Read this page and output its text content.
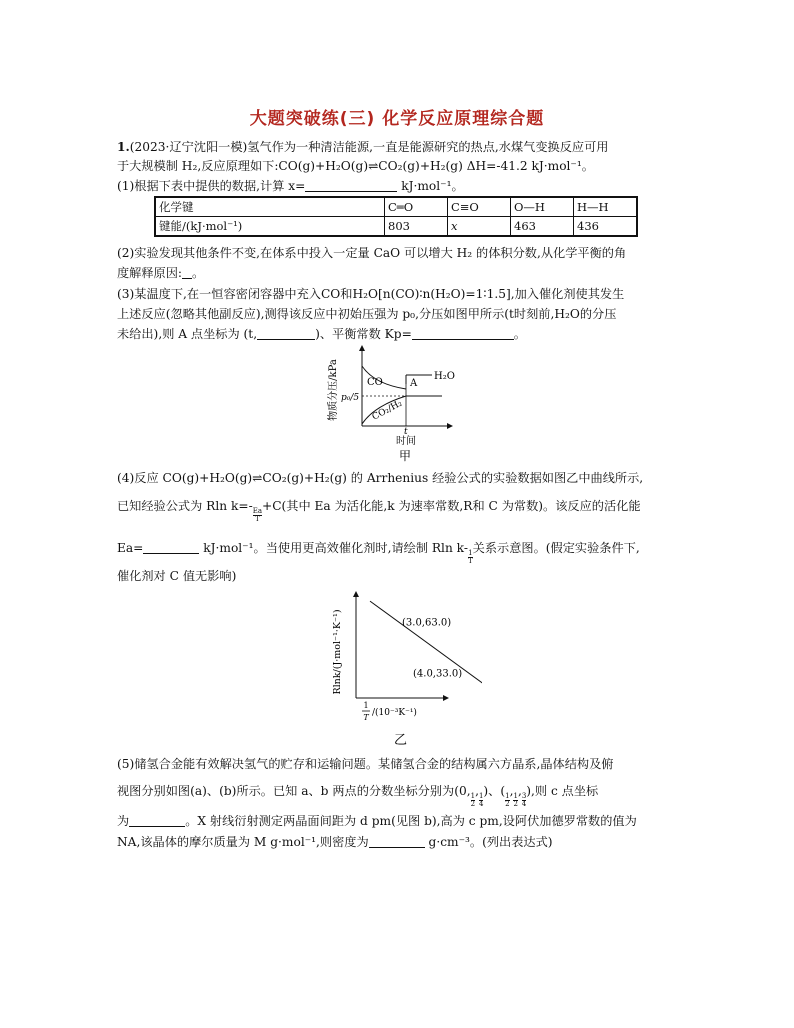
大题突破练(三) 化学反应原理综合题
1.(2023·辽宁沈阳一模)氢气作为一种清洁能源,一直是能源研究的热点,水煤气变换反应可用
于大规模制 H₂,反应原理如下:CO(g)+H₂O(g)⇌CO₂(g)+H₂(g) ΔH=-41.2 kJ·mol⁻¹。
(1)根据下表中提供的数据,计算 x=	kJ·mol⁻¹。
化学键	C═O	C≡O	O—H	H—H
键能/(kJ·mol⁻¹)	803	x	463	436
(2)实验发现其他条件不变,在体系中投入一定量 CaO 可以增大 H₂ 的体积分数,从化学平衡的角
度解释原因: 。
(3)某温度下,在一恒容密闭容器中充入CO和H₂O[n(CO)∶n(H₂O)=1∶1.5],加入催化剂使其发生
上述反应(忽略其他副反应),测得该反应中初始压强为 p₀,分压如图甲所示(t时刻前,H₂O的分压
未给出),则 A 点坐标为 (t,	)、平衡常数 Kp=	。
物质分压/kPa	CO	A
H₂O
p₀/5
CO₂/H₂
t
时间
甲
(4)反应 CO(g)+H₂O(g)⇌CO₂(g)+H₂(g) 的 Arrhenius 经验公式的实验数据如图乙中曲线所示,
已知经验公式为 Rln k=-
$\frac{Ea}{T}$
+C(其中 Ea 为活化能,k 为速率常数,R和 C 为常数)。该反应的活化能
Ea=	kJ·mol⁻¹。当使用更高效催化剂时,请绘制 Rln k-
$\frac{1}{T}$
关系示意图。(假定实验条件下,
催化剂对 C 值无影响)
Rlnk/(J·mol⁻¹·K⁻¹)	(3.0,63.0)
(4.0,33.0)
1
T /(10⁻³K⁻¹)
乙
(5)储氢合金能有效解决氢气的贮存和运输问题。某储氢合金的结构属六方晶系,晶体结构及俯
视图分别如图(a)、(b)所示。已知 a、b 两点的分数坐标分别为(0,
$\frac{1}{2}$
,
$\frac{1}{4}$
)、(
$\frac{1}{2}$
,
$\frac{1}{2}$
,
$\frac{3}{4}$
),则 c 点坐标
为	。X 射线衍射测定两晶面间距为 d pm(见图 b),高为 c pm,设阿伏加德罗常数的值为
NA,该晶体的摩尔质量为 M g·mol⁻¹,则密度为	g·cm⁻³。(列出表达式)
